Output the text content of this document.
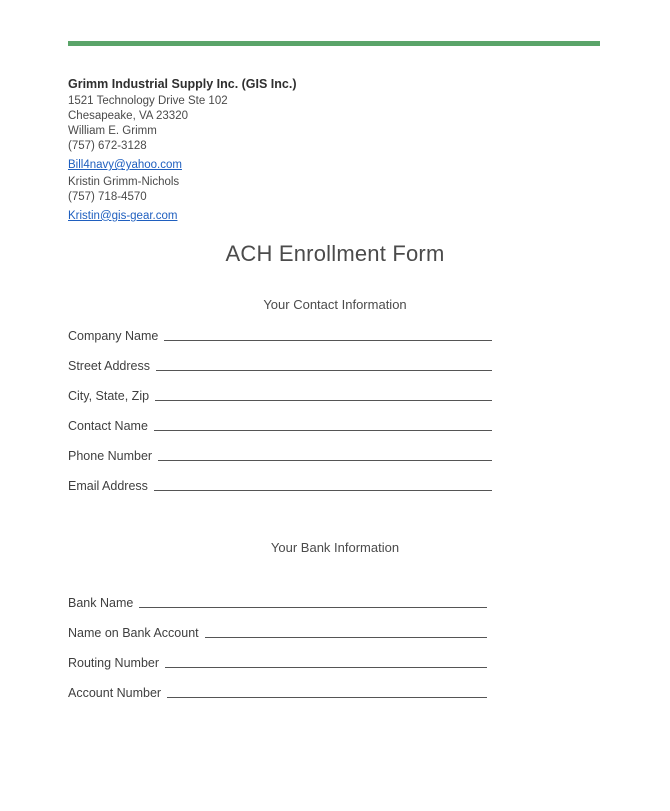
Grimm Industrial Supply Inc. (GIS Inc.)
1521 Technology Drive Ste 102
Chesapeake, VA 23320
William E. Grimm
(757) 672-3128
Bill4navy@yahoo.com
Kristin Grimm-Nichols
(757) 718-4570
Kristin@gis-gear.com
ACH Enrollment Form
Your Contact Information
Company Name
Street Address
City, State, Zip
Contact Name
Phone Number
Email Address
Your Bank Information
Bank Name
Name on Bank Account
Routing Number
Account Number
